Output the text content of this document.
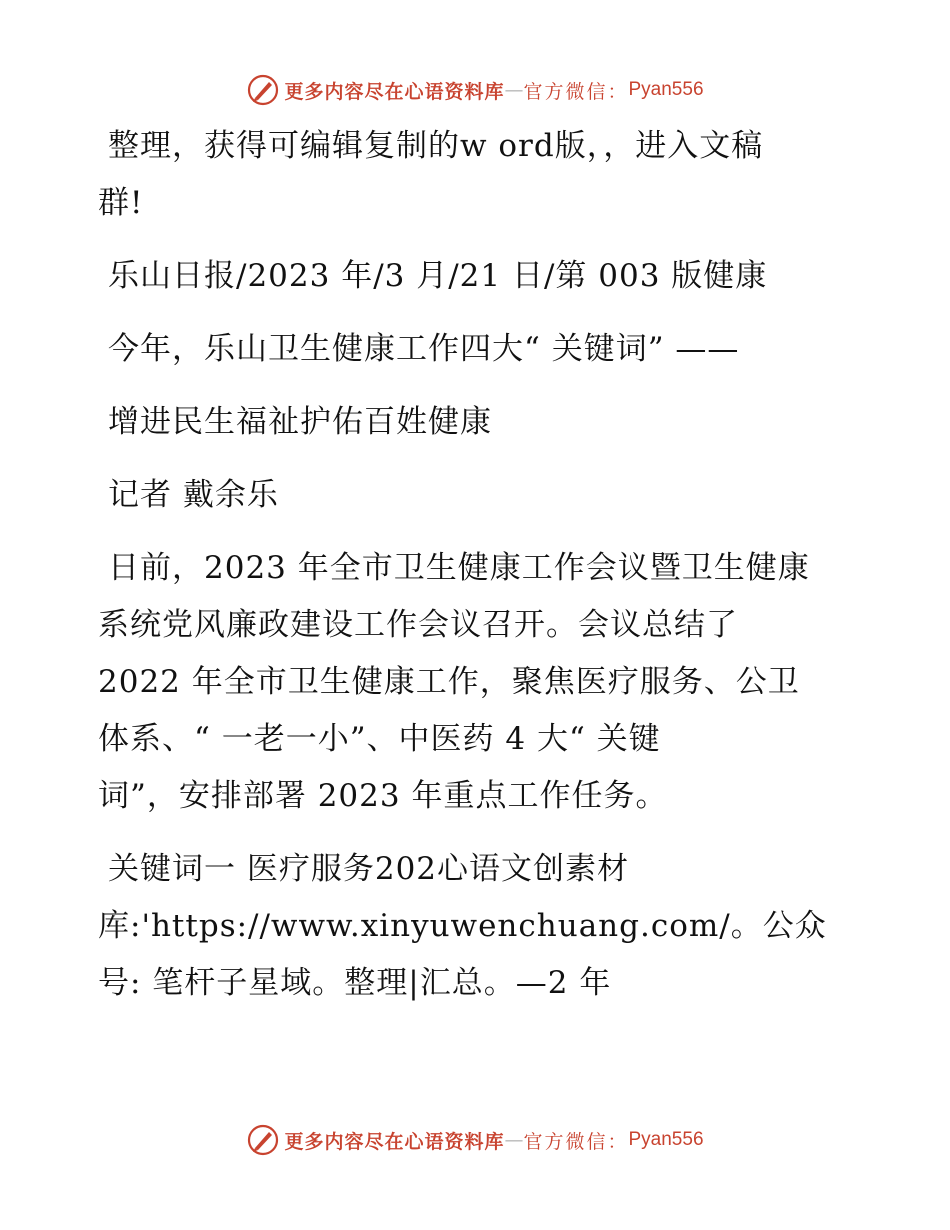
更多内容尽在心语资料库 — 官方微信： Pyan556

整理，获得可编辑复制的w ord版，，进入文稿

群!

乐山日报/2023 年/3 月/21 日/第 003 版健康

今年，乐山卫生健康工作四大“ 关键词” ——

增进民生福祉护佑百姓健康

记者 戴余乐

日前，2023 年全市卫生健康工作会议暨卫生健康

系统党风廉政建设工作会议召开。会议总结了

2022 年全市卫生健康工作，聚焦医疗服务、公卫

体系、“ 一老一小”、中医药 4 大“ 关键

词”，安排部署 2023 年重点工作任务。

关键词一 医疗服务202心语文创素材

库:'https://www.xinyuwenchuang.com/。公众

号: 笔杆子星域。整理|汇总。—2 年

更多内容尽在心语资料库 — 官方微信： Pyan556
